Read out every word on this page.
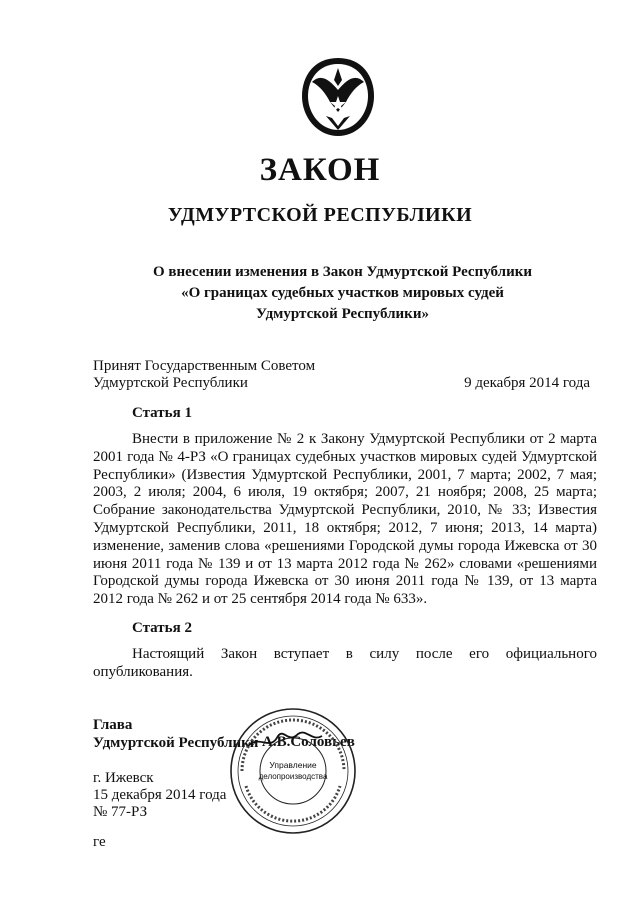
ЗАКОН
УДМУРТСКОЙ РЕСПУБЛИКИ
О внесении изменения в Закон Удмуртской Республики
«О границах судебных участков мировых судей
Удмуртской Республики»
Принят Государственным Советом
Удмуртской Республики	9 декабря 2014 года
Статья 1
Внести в приложение № 2 к Закону Удмуртской Республики от 2 марта 2001 года № 4-РЗ «О границах судебных участков мировых судей Удмуртской Республики» (Известия Удмуртской Республики, 2001, 7 марта; 2002, 7 мая; 2003, 2 июля; 2004, 6 июля, 19 октября; 2007, 21 ноября; 2008, 25 марта; Собрание законодательства Удмуртской Республики, 2010, № 33; Известия Удмуртской Республики, 2011, 18 октября; 2012, 7 июня; 2013, 14 марта) изменение, заменив слова «решениями Городской думы города Ижевска от 30 июня 2011 года № 139 и от 13 марта 2012 года № 262» словами «решениями Городской думы города Ижевска от 30 июня 2011 года № 139, от 13 марта 2012 года № 262 и от 25 сентября 2014 года № 633».
Статья 2
Настоящий Закон вступает в силу после его официального опубликования.
Глава
Удмуртской Республики А.В.Соловьев
Управление
делопроизводства
г. Ижевск
15 декабря 2014 года
№ 77-РЗ
ге
